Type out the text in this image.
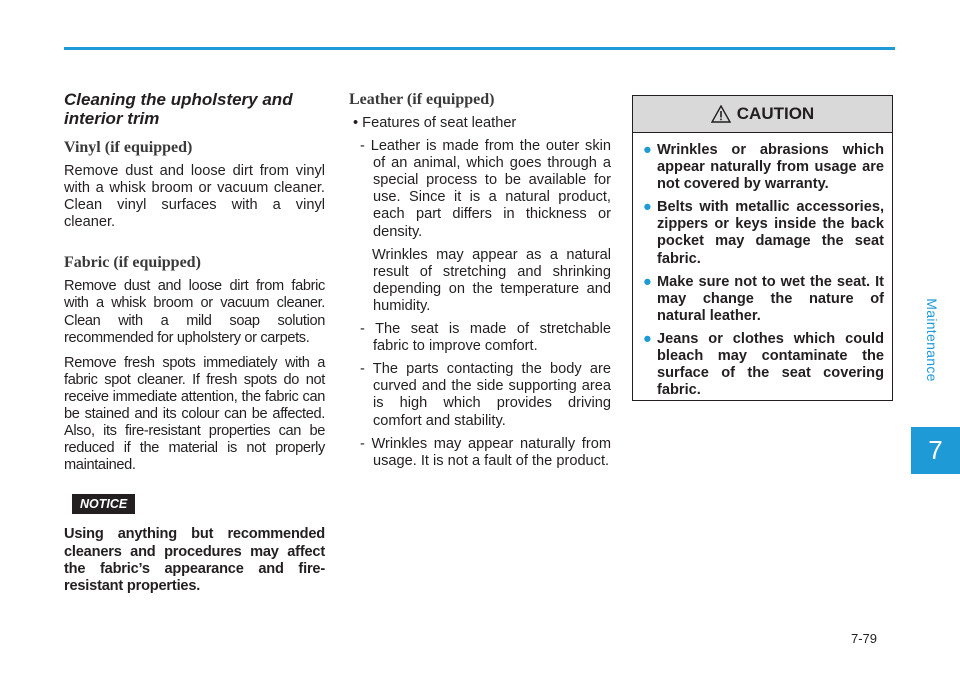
Maintenance
7
Cleaning the upholstery and interior trim
Vinyl (if equipped)

Remove dust and loose dirt from vinyl with a whisk broom or vacuum cleaner. Clean vinyl surfaces with a vinyl cleaner.

Fabric (if equipped)

Remove dust and loose dirt from fabric with a whisk broom or vacuum cleaner. Clean with a mild soap solution recommended for upholstery or carpets.

Remove fresh spots immediately with a fabric spot cleaner. If fresh spots do not receive immediate attention, the fabric can be stained and its colour can be affected. Also, its fire-resistant properties can be reduced if the material is not properly maintained.

NOTICE

Using anything but recommended cleaners and procedures may affect the fabric’s appearance and fire-resistant properties.

Leather (if equipped)
• Features of seat leather
- Leather is made from the outer skin of an animal, which goes through a special process to be available for use. Since it is a natural product, each part differs in thickness or density.
Wrinkles may appear as a natural result of stretching and shrinking depending on the temperature and humidity.
- The seat is made of stretchable fabric to improve comfort.
- The parts contacting the body are curved and the side supporting area is high which provides driving comfort and stability.
- Wrinkles may appear naturally from usage. It is not a fault of the product.
CAUTION
● Wrinkles or abrasions which appear naturally from usage are not covered by warranty.
● Belts with metallic accessories, zippers or keys inside the back pocket may damage the seat fabric.
● Make sure not to wet the seat. It may change the nature of natural leather.
● Jeans or clothes which could bleach may contaminate the surface of the seat covering fabric.
7-79
